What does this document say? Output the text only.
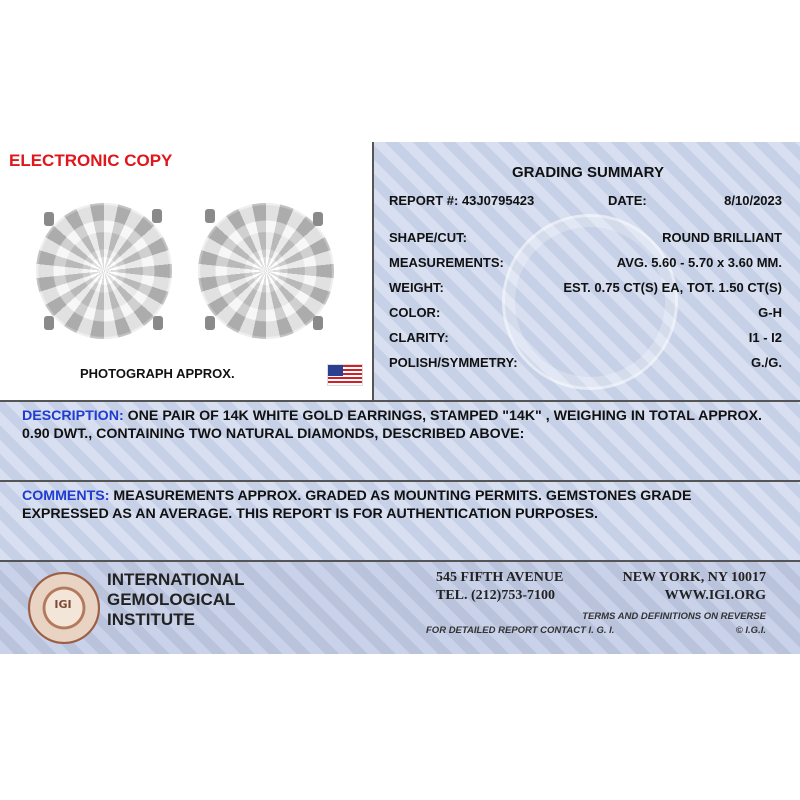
ELECTRONIC COPY
PHOTOGRAPH APPROX.
GRADING SUMMARY
REPORT #: 43J0795423	DATE:	8/10/2023
SHAPE/CUT:	ROUND BRILLIANT
MEASUREMENTS:	AVG. 5.60 - 5.70 x 3.60 MM.
WEIGHT:	EST. 0.75 CT(S) EA, TOT. 1.50 CT(S)
COLOR:	G-H
CLARITY:	I1 - I2
POLISH/SYMMETRY:	G./G.
DESCRIPTION: ONE PAIR OF 14K WHITE GOLD EARRINGS, STAMPED "14K" , WEIGHING IN TOTAL APPROX. 0.90 DWT., CONTAINING TWO NATURAL DIAMONDS, DESCRIBED ABOVE:
COMMENTS: MEASUREMENTS APPROX. GRADED AS MOUNTING PERMITS. GEMSTONES GRADE EXPRESSED AS AN AVERAGE. THIS REPORT IS FOR AUTHENTICATION PURPOSES.
IGI
INTERNATIONAL
GEMOLOGICAL
INSTITUTE
545 FIFTH AVENUE	NEW YORK, NY 10017
TEL. (212)753-7100	WWW.IGI.ORG
TERMS AND DEFINITIONS ON REVERSE
FOR DETAILED REPORT CONTACT I. G. I.	© I.G.I.
